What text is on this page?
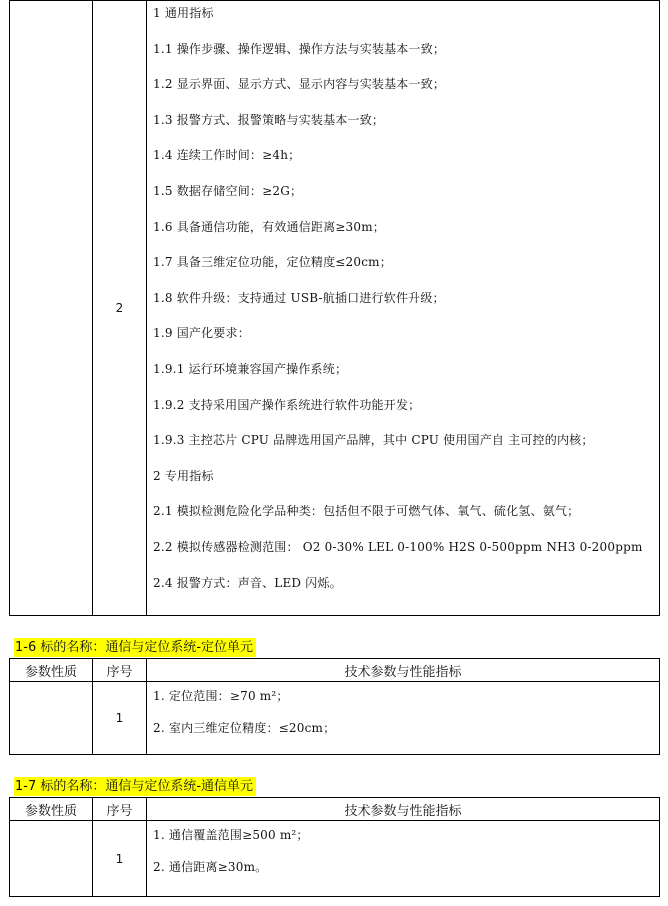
	2	
1 通用指标
1.1 操作步骤、操作逻辑、操作方法与实装基本一致；
1.2 显示界面、显示方式、显示内容与实装基本一致；
1.3 报警方式、报警策略与实装基本一致；
1.4 连续工作时间：≥4h；
1.5 数据存储空间：≥2G；
1.6 具备通信功能，有效通信距离≥30m；
1.7 具备三维定位功能，定位精度≤20cm；
1.8 软件升级：支持通过 USB-航插口进行软件升级；
1.9 国产化要求：
1.9.1 运行环境兼容国产操作系统；
1.9.2 支持采用国产操作系统进行软件功能开发；
1.9.3 主控芯片 CPU 品牌选用国产品牌，其中 CPU 使用国产自 主可控的内核；
2 专用指标
2.1 模拟检测危险化学品种类：包括但不限于可燃气体、氧气、硫化氢、氨气；
2.2 模拟传感器检测范围： O2 0-30% LEL 0-100% H2S 0-500ppm NH3 0-200ppm
2.4 报警方式：声音、LED 闪烁。
1-6 标的名称：通信与定位系统-定位单元
参数性质	序号	技术参数与性能指标
	1	1. 定位范围：≥70 m²；
2. 室内三维定位精度：≤20cm；
1-7 标的名称：通信与定位系统-通信单元
参数性质	序号	技术参数与性能指标
	1	1. 通信覆盖范围≥500 m²；
2. 通信距离≥30m。
